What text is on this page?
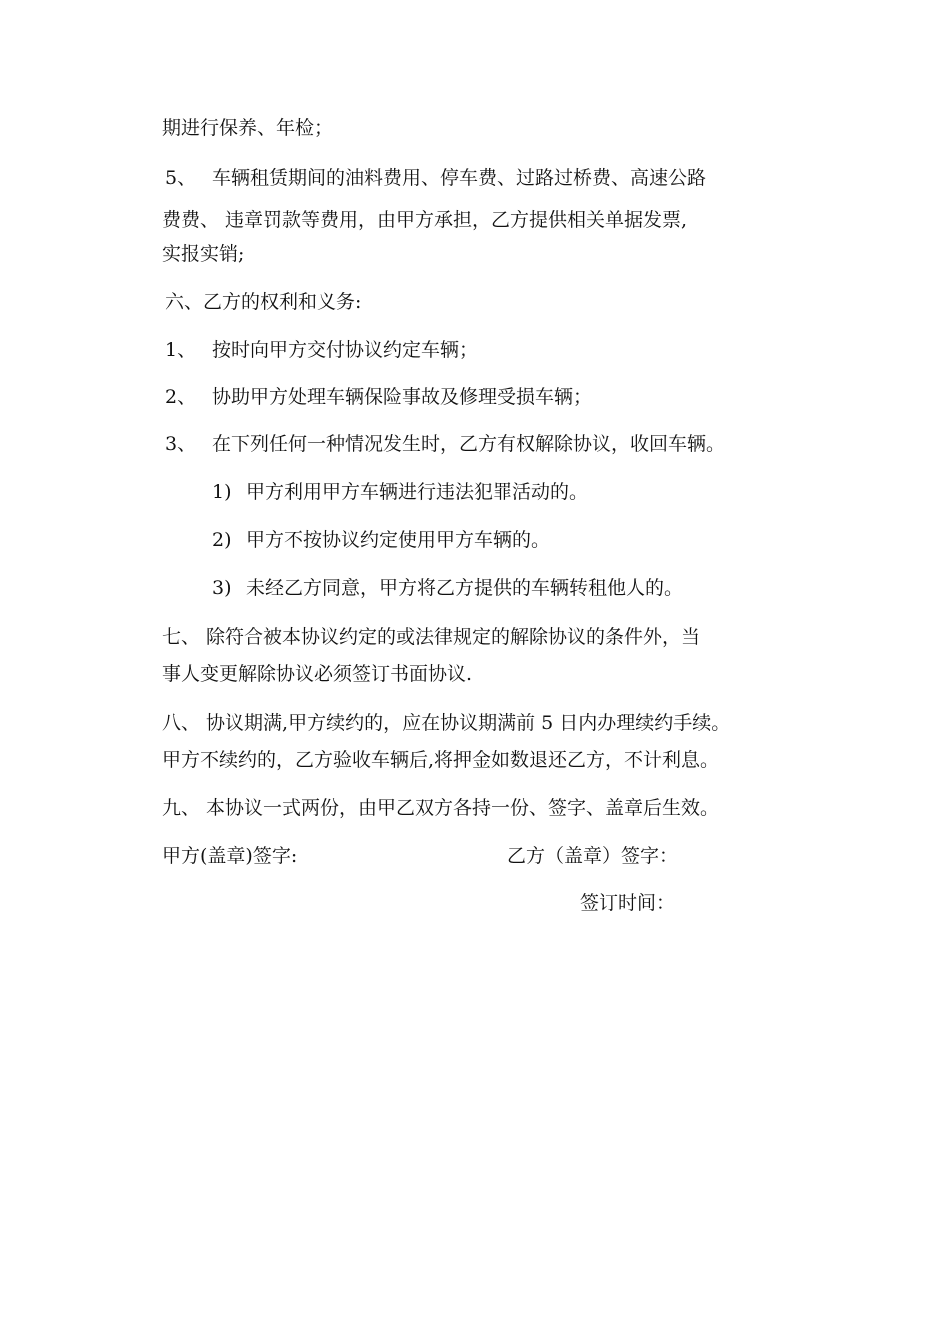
期进行保养、年检；
5、 车辆租赁期间的油料费用、停车费、过路过桥费、高速公路
费费、 违章罚款等费用，由甲方承担，乙方提供相关单据发票,
实报实销;
六、乙方的权利和义务:
1、 按时向甲方交付协议约定车辆；
2、 协助甲方处理车辆保险事故及修理受损车辆；
3、 在下列任何一种情况发生时，乙方有权解除协议，收回车辆。
1) 甲方利用甲方车辆进行违法犯罪活动的。
2) 甲方不按协议约定使用甲方车辆的。
3) 未经乙方同意，甲方将乙方提供的车辆转租他人的。
七、 除符合被本协议约定的或法律规定的解除协议的条件外，当
事人变更解除协议必须签订书面协议.
八、 协议期满,甲方续约的，应在协议期满前 5 日内办理续约手续。
甲方不续约的，乙方验收车辆后,将押金如数退还乙方，不计利息。
九、 本协议一式两份，由甲乙双方各持一份、签字、盖章后生效。
甲方(盖章)签字:	乙方（盖章）签字：
签订时间：
